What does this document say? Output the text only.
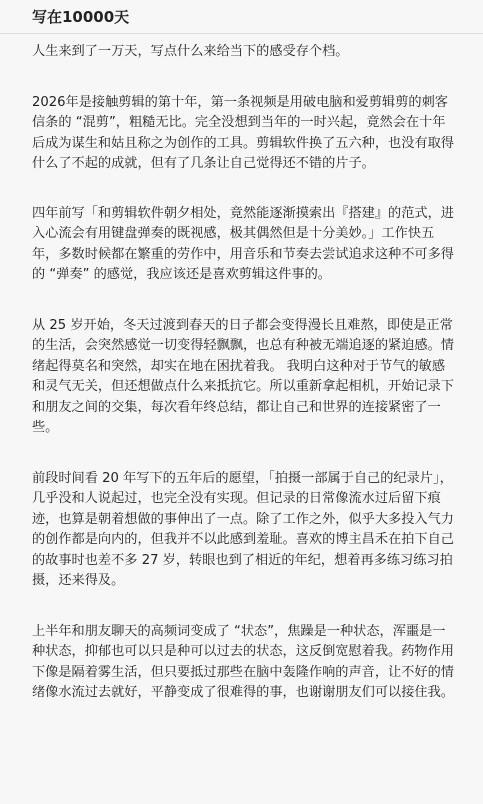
写在10000天

人生来到了一万天，写点什么来给当下的感受存个档。

2026年是接触剪辑的第十年，第一条视频是用破电脑和爱剪辑剪的刺客信条的 “混剪”，粗糙无比。完全没想到当年的一时兴起，竟然会在十年后成为谋生和姑且称之为创作的工具。剪辑软件换了五六种，也没有取得什么了不起的成就，但有了几条让自己觉得还不错的片子。

四年前写「和剪辑软件朝夕相处，竟然能逐渐摸索出『搭建』的范式，进入心流会有用键盘弹奏的既视感，极其偶然但是十分美妙。」工作快五年，多数时候都在繁重的劳作中，用音乐和节奏去尝试追求这种不可多得的 “弹奏” 的感觉，我应该还是喜欢剪辑这件事的。

从 25 岁开始，冬天过渡到春天的日子都会变得漫长且难熬，即使是正常的生活，会突然感觉一切变得轻飘飘，也总有种被无端追逐的紧迫感。情绪起得莫名和突然，却实在地在困扰着我。 我明白这种对于节气的敏感和灵气无关，但还想做点什么来抵抗它。所以重新拿起相机，开始记录下和朋友之间的交集，每次看年终总结，都让自己和世界的连接紧密了一些。

前段时间看 20 年写下的五年后的愿望，「拍摄一部属于自己的纪录片」，几乎没和人说起过，也完全没有实现。但记录的日常像流水过后留下痕迹，也算是朝着想做的事伸出了一点。除了工作之外，似乎大多投入气力的创作都是向内的，但我并不以此感到羞耻。喜欢的博主昌禾在拍下自己的故事时也差不多 27 岁，转眼也到了相近的年纪，想着再多练习练习拍摄，还来得及。

上半年和朋友聊天的高频词变成了 “状态”，焦躁是一种状态，浑噩是一种状态，抑郁也可以只是种可以过去的状态，这反倒宽慰着我。药物作用下像是隔着雾生活，但只要抵过那些在脑中轰隆作响的声音，让不好的情绪像水流过去就好，平静变成了很难得的事，也谢谢朋友们可以接住我。
